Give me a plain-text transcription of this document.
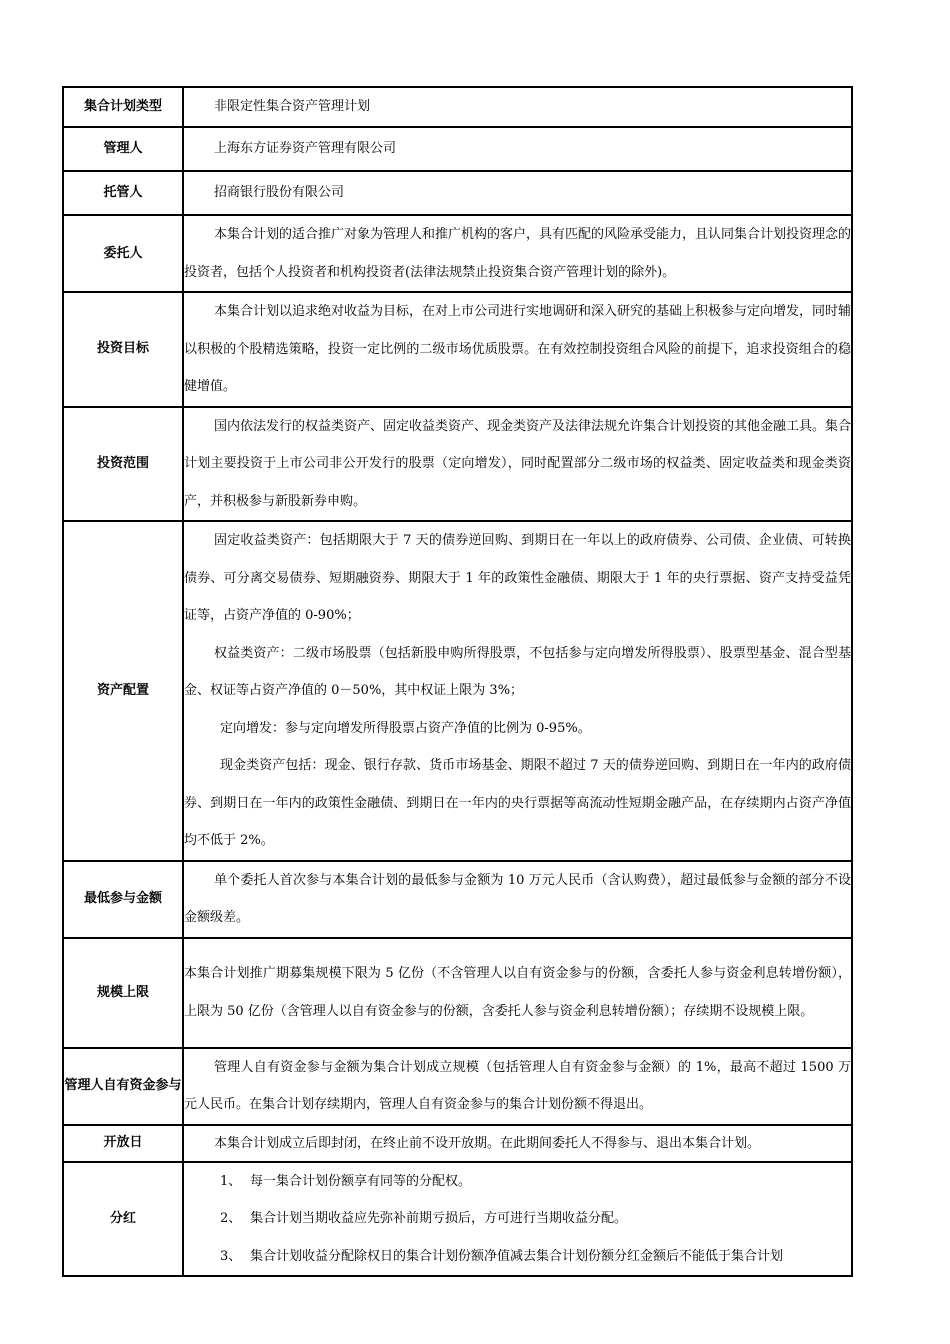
集合计划类型	非限定性集合资产管理计划
管理人	上海东方证券资产管理有限公司
托管人	招商银行股份有限公司
委托人	本集合计划的适合推广对象为管理人和推广机构的客户，具有匹配的风险承受能力，且认同集合计划投资理念的投资者，包括个人投资者和机构投资者(法律法规禁止投资集合资产管理计划的除外)。

投资目标	本集合计划以追求绝对收益为目标，在对上市公司进行实地调研和深入研究的基础上积极参与定向增发，同时辅以积极的个股精选策略，投资一定比例的二级市场优质股票。在有效控制投资组合风险的前提下，追求投资组合的稳健增值。

投资范围	国内依法发行的权益类资产、固定收益类资产、现金类资产及法律法规允许集合计划投资的其他金融工具。集合计划主要投资于上市公司非公开发行的股票（定向增发），同时配置部分二级市场的权益类、固定收益类和现金类资产，并积极参与新股新券申购。

资产配置	固定收益类资产：包括期限大于 7 天的债券逆回购、到期日在一年以上的政府债券、公司债、企业债、可转换债券、可分离交易债券、短期融资券、期限大于 1 年的政策性金融债、期限大于 1 年的央行票据、资产支持受益凭证等，占资产净值的 0-90%；

权益类资产：二级市场股票（包括新股申购所得股票，不包括参与定向增发所得股票）、股票型基金、混合型基金、权证等占资产净值的 0－50%，其中权证上限为 3%；

定向增发：参与定向增发所得股票占资产净值的比例为 0-95%。

现金类资产包括：现金、银行存款、货币市场基金、期限不超过 7 天的债券逆回购、到期日在一年内的政府债券、到期日在一年内的政策性金融债、到期日在一年内的央行票据等高流动性短期金融产品，在存续期内占资产净值均不低于 2%。

最低参与金额	单个委托人首次参与本集合计划的最低参与金额为 10 万元人民币（含认购费），超过最低参与金额的部分不设金额级差。

规模上限	本集合计划推广期募集规模下限为 5 亿份（不含管理人以自有资金参与的份额，含委托人参与资金利息转增份额），上限为 50 亿份（含管理人以自有资金参与的份额，含委托人参与资金利息转增份额）；存续期不设规模上限。

管理人自有资金参与	管理人自有资金参与金额为集合计划成立规模（包括管理人自有资金参与金额）的 1%，最高不超过 1500 万元人民币。在集合计划存续期内，管理人自有资金参与的集合计划份额不得退出。

开放日	本集合计划成立后即封闭，在终止前不设开放期。在此期间委托人不得参与、退出本集合计划。

分红	1、 每一集合计划份额享有同等的分配权。

2、 集合计划当期收益应先弥补前期亏损后，方可进行当期收益分配。

3、 集合计划收益分配除权日的集合计划份额净值减去集合计划份额分红金额后不能低于集合计划
